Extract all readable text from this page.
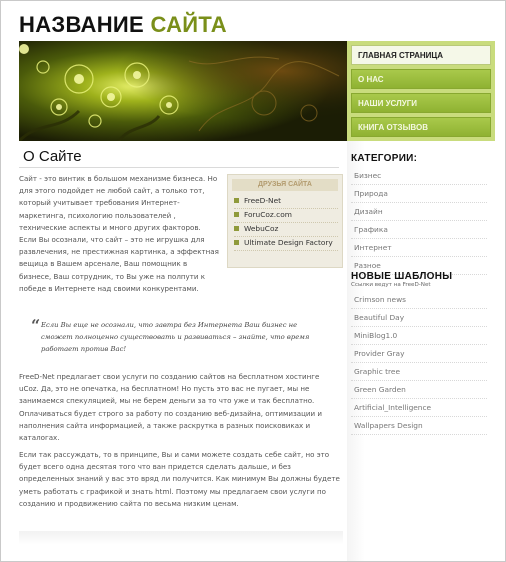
НАЗВАНИЕ САЙТА
ГЛАВНАЯ СТРАНИЦА
О НАС
НАШИ УСЛУГИ
КНИГА ОТЗЫВОВ
О Сайте
ДРУЗЬЯ САЙТА
FreeD-Net
ForuCoz.com
WebuCoz
Ultimate Design Factory

Сайт - это винтик в большом механизме бизнеса. Но для этого подойдет не любой сайт, а только тот, который учитывает требования Интернет-маркетинга, психологию пользователей , технические аспекты и много других факторов. Если Вы осознали, что сайт – это не игрушка для развлечения, не престижная картинка, а эффектная вещица в Вашем арсенале, Ваш помощник в бизнесе, Ваш сотрудник, то Вы уже на полпути к победе в Интернете над своими конкурентами.

“ Если Вы еще не осознали, что завтра без Интернета Ваш бизнес не сможет полноценно существовать и развиваться – знайте, что время работает против Вас!

FreeD-Net предлагает свои услуги по созданию сайтов на бесплатном хостинге uCoz. Да, это не опечатка, на бесплатном! Но пусть это вас не пугает, мы не занимаемся спекуляцией, мы не берем деньги за то что уже и так бесплатно. Оплачиваться будет строго за работу по созданию веб-дизайна, оптимизации и наполнения сайта информацией, а также раскрутка в разных поисковиках и каталогах.

Если так рассуждать, то в принципе, Вы и сами можете создать себе сайт, но это будет всего одна десятая того что ван придется сделать дальше, и без определенных знаний у вас это вряд ли получится. Как минимум Вы должны будете уметь работать с графикой и знать html. Поэтому мы предлагаем свои услуги по созданию и продвижению сайта по весьма низким ценам.

КАТЕГОРИИ:
Бизнес
Природа
Дизайн
Графика
Интернет
Разное
НОВЫЕ ШАБЛОНЫ
Ссылки ведут на FreeD-Net
Crimson news
Beautiful Day
MiniBlog1.0
Provider Gray
Graphic tree
Green Garden
Artificial_Intelligence
Wallpapers Design
